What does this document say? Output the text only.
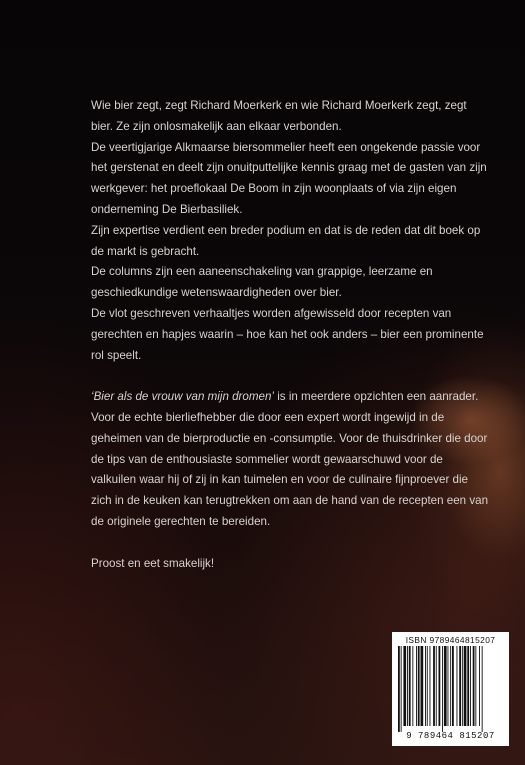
Wie bier zegt, zegt Richard Moerkerk en wie Richard Moerkerk zegt, zegt bier. Ze zijn onlosmakelijk aan elkaar verbonden.

De veertigjarige Alkmaarse biersommelier heeft een ongekende passie voor het gerstenat en deelt zijn onuitputtelijke kennis graag met de gasten van zijn werkgever: het proeflokaal De Boom in zijn woonplaats of via zijn eigen onderneming De Bierbasiliek.

Zijn expertise verdient een breder podium en dat is de reden dat dit boek op de markt is gebracht.

De columns zijn een aaneenschakeling van grappige, leerzame en geschiedkundige wetenswaardigheden over bier.

De vlot geschreven verhaaltjes worden afgewisseld door recepten van gerechten en hapjes waarin – hoe kan het ook anders – bier een prominente rol speelt.

‘Bier als de vrouw van mijn dromen’ is in meerdere opzichten een aanrader. Voor de echte bierliefhebber die door een expert wordt ingewijd in de geheimen van de bierproductie en -consumptie. Voor de thuisdrinker die door de tips van de enthousiaste sommelier wordt gewaarschuwd voor de valkuilen waar hij of zij in kan tuimelen en voor de culinaire fijnproever die zich in de keuken kan terugtrekken om aan de hand van de recepten een van de originele gerechten te bereiden.

Proost en eet smakelijk!

ISBN 9789464815207
9 789464 815207
